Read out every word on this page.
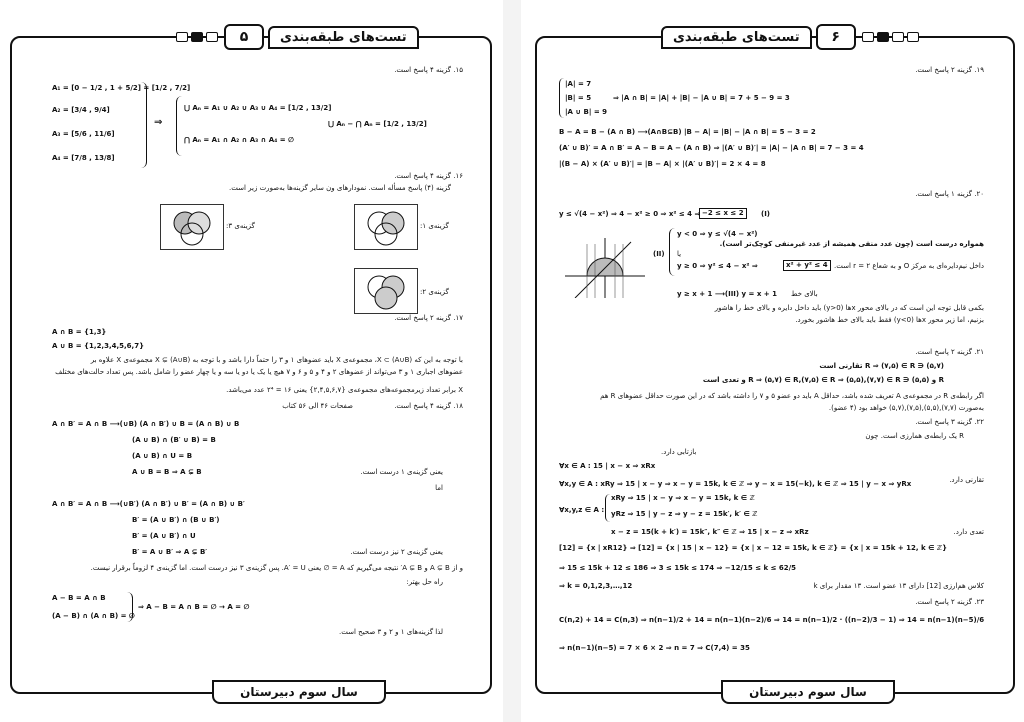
۵	تست‌های طبقه‌بندی
۱۵. گزینه ۴ پاسخ است.
A₁ = [0 − 1/2 , 1 + 5/2] = [1/2 , 7/2]
A₂ = [3/4 , 9/4]
A₃ = [5/6 , 11/6]
A₄ = [7/8 , 13/8]
⇒
⋃ Aₙ = A₁ ∪ A₂ ∪ A₃ ∪ A₄ = [1/2 , 13/2]
⋂ Aₙ = A₁ ∩ A₂ ∩ A₃ ∩ A₄ = ∅
⋃ Aₙ − ⋂ Aₙ = [1/2 , 13/2]
۱۶. گزینه ۴ پاسخ است.
گزینه (۴) پاسخ مسأله است. نمودارهای ون سایر گزینه‌ها به‌صورت زیر است.
گزینه‌ی ۳:	گزینه‌ی ۱:
گزینه‌ی ۲:
۱۷. گزینه ۲ پاسخ است.
A ∩ B = {1,3}
A ∪ B = {1,2,3,4,5,6,7}
با توجه به این که X ⊂ (A∪B)، مجموعه‌ی X باید عضوهای ۱ و ۳ را حتماً دارا باشد و با توجه به X ⊊ (A∪B) مجموعه‌ی X علاوه بر
عضوهای اجباری ۱ و ۳ می‌تواند از عضوهای ۲ و ۴ و ۵ و ۶ و ۷ هیچ یا یک یا دو یا سه و یا چهار عضو را شامل باشد. پس تعداد حالت‌های مختلف
X برابر تعداد زیرمجموعه‌های مجموعه‌ی {۲,۴,۵,۶,۷} یعنی ۱۶ = ۲⁴ عدد می‌باشد.
صفحات ۴۶ الی ۵۶ کتاب	۱۸. گزینه ۴ پاسخ است.
A ∩ B′ = A ∩ B ⟶(∪B) (A ∩ B′) ∪ B = (A ∩ B) ∪ B
(A ∪ B) ∩ (B′ ∪ B) = B
(A ∪ B) ∩ U = B
A ∪ B = B ⇒ A ⊊ B	یعنی گزینه‌ی ۱ درست است.
اما
A ∩ B′ = A ∩ B ⟶(∪B′) (A ∩ B′) ∪ B′ = (A ∩ B) ∪ B′
B′ = (A ∪ B′) ∩ (B ∪ B′)
B′ = (A ∪ B′) ∩ U
B′ = A ∪ B′ ⇒ A ⊊ B′	یعنی گزینه‌ی ۲ نیز درست است.
و از A ⊊ B و A ⊊ B′ نتیجه می‌گیریم که A = ∅ یعنی A′ = U. پس گزینه‌ی ۳ نیز درست است. اما گزینه‌ی ۴ لزوماً برقرار نیست.
راه حل بهتر:
A − B = A ∩ B
(A − B) ∩ (A ∩ B) = ∅
⇒ A − B = A ∩ B = ∅ → A = ∅
لذا گزینه‌های ۱ و ۲ و ۳ صحیح است.
سال سوم دبیرستان
تست‌های طبقه‌بندی	۶
۱۹. گزینه ۲ پاسخ است.
|A| = 7
|B| = 5
|A ∪ B| = 9
⇒ |A ∩ B| = |A| + |B| − |A ∪ B| = 7 + 5 − 9 = 3
B − A = B − (A ∩ B) ⟶(A∩B⊆B) |B − A| = |B| − |A ∩ B| = 5 − 3 = 2
(A′ ∪ B)′ = A ∩ B′ = A − B = A − (A ∩ B) ⇒ |(A′ ∪ B)′| = |A| − |A ∩ B| = 7 − 3 = 4
|(B − A) × (A′ ∪ B)′| = |B − A| × |(A′ ∪ B)′| = 2 × 4 = 8
۲۰. گزینه ۱ پاسخ است.
y ≤ √(4 − x²) ⇒ 4 − x² ≥ 0 ⇒ x² ≤ 4 ⇒ −2 ≤ x ≤ 2	(I)
(II)
y < 0 ⇒ y ≤ √(4 − x²)
همواره درست است (چون عدد منفی همیشه از عدد غیرمنفی کوچک‌تر است).
یا
y ≥ 0 ⇒ y² ≤ 4 − x² ⇒	x² + y² ≤ 4 داخل نیم‌دایره‌ای به مرکز O و به شعاع ۲ = r است.
y ≥ x + 1 ⟶(III) y = x + 1 بالای خط
بکمی قابل توجه این است که در بالای محور xها (y>0) باید داخل دایره و بالای خط را هاشور
بزنیم، اما زیر محور xها (y<0) فقط باید بالای خط هاشور بخورد.
۲۱. گزینه ۲ پاسخ است.
(۵,۷) ∈ R ⇒ (۷,۵) ∈ R تقارنی است
R و (۵,۵) ∈ R ⇒ (۵,۷) ∈ R,(۷,۵) ∈ R ⇒ (۵,۵),(۷,۷) ∈ R و تعدی است
اگر رابطه‌ی R در مجموعه‌ی A تعریف شده باشد، حداقل A باید دو عضو ۵ و ۷ را داشته باشد که در این صورت حداقل عضوهای R هم
به‌صورت (۷,۷),(۵,۵),(۷,۵),(۵,۷) خواهد بود (۴ عضو).
۲۲. گزینه ۳ پاسخ است.
R یک رابطه‌ی همارزی است. چون
بازتابی دارد.
∀x ∈ A : 15 | x − x ⇒ xRx
تقارنی دارد.
∀x,y ∈ A : xRy ⇒ 15 | x − y ⇒ x − y = 15k, k ∈ ℤ ⇒ y − x = 15(−k), k ∈ ℤ ⇒ 15 | y − x ⇒ yRx
تعدی دارد.
∀x,y,z ∈ A :
xRy ⇒ 15 | x − y ⇒ x − y = 15k, k ∈ ℤ
yRz ⇒ 15 | y − z ⇒ y − z = 15k′, k′ ∈ ℤ
x − z = 15(k + k′) = 15k″, k″ ∈ ℤ ⇒ 15 | x − z ⇒ xRz
[12] = {x | xR12} ⇒ [12] = {x | 15 | x − 12} = {x | x − 12 = 15k, k ∈ ℤ} = {x | x = 15k + 12, k ∈ ℤ}
⇒ 15 ≤ 15k + 12 ≤ 186 ⇒ 3 ≤ 15k ≤ 174 ⇒ −12/15 ≤ k ≤ 62/5
کلاس هم‌ارزی [12] دارای ۱۳ عضو است. ۱۳ مقدار برای k
⇒ k = 0,1,2,3,…,12
۲۳. گزینه ۲ پاسخ است.
C(n,2) + 14 = C(n,3) ⇒ n(n−1)/2 + 14 = n(n−1)(n−2)/6 ⇒ 14 = n(n−1)/2 · ((n−2)/3 − 1) ⇒ 14 = n(n−1)(n−5)/6
⇒ n(n−1)(n−5) = 7 × 6 × 2 ⇒ n = 7 ⇒ C(7,4) = 35
سال سوم دبیرستان
